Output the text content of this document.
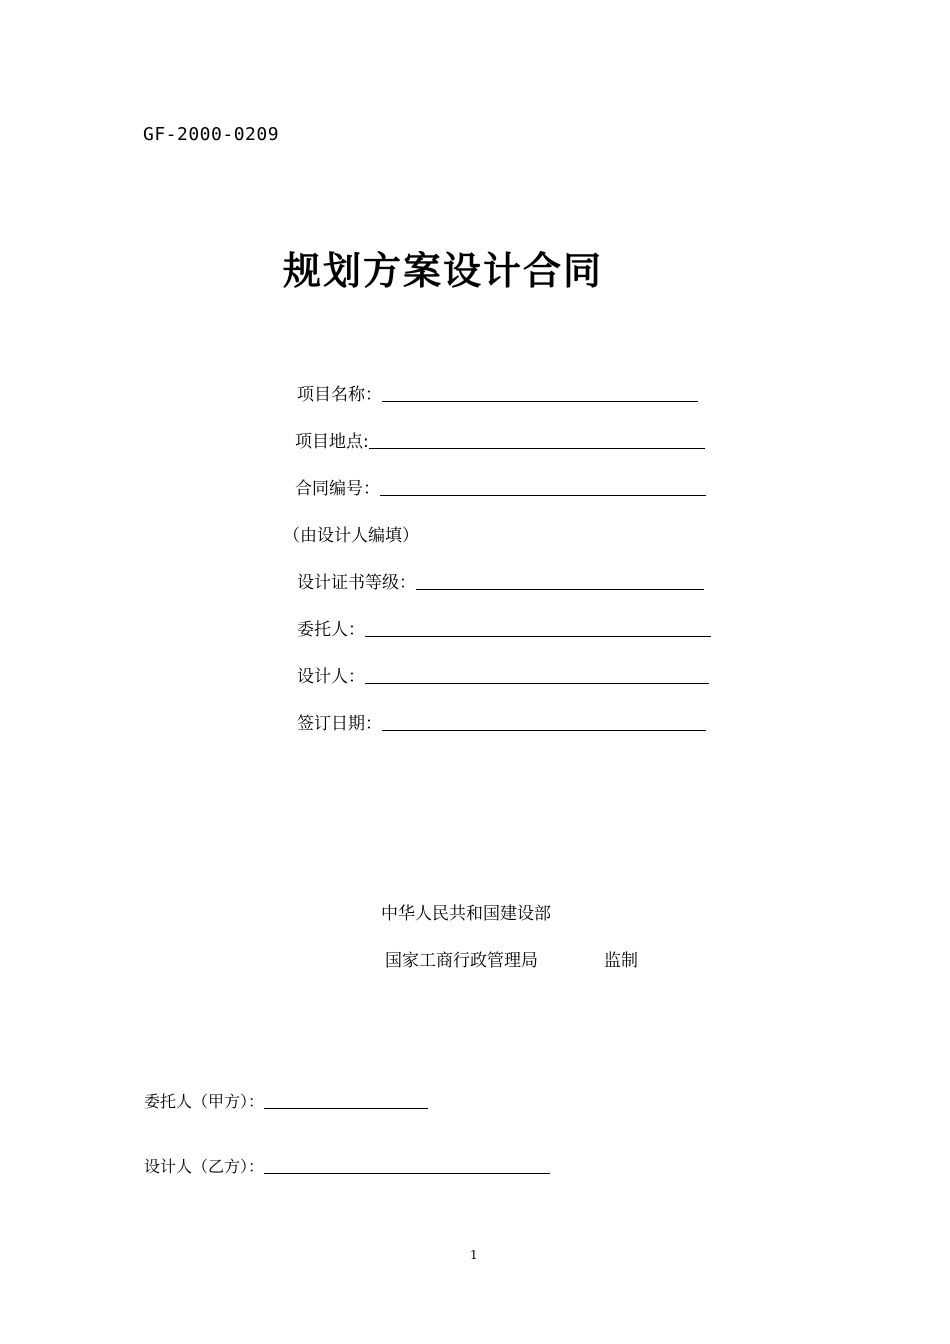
GF-2000-0209
规划方案设计合同
项目名称：
项目地点:
合同编号：
（由设计人编填）
设计证书等级：
委托人：
设计人：
签订日期：
中华人民共和国建设部
国家工商行政管理局	监制
委托人（甲方）：
设计人（乙方）：
1
